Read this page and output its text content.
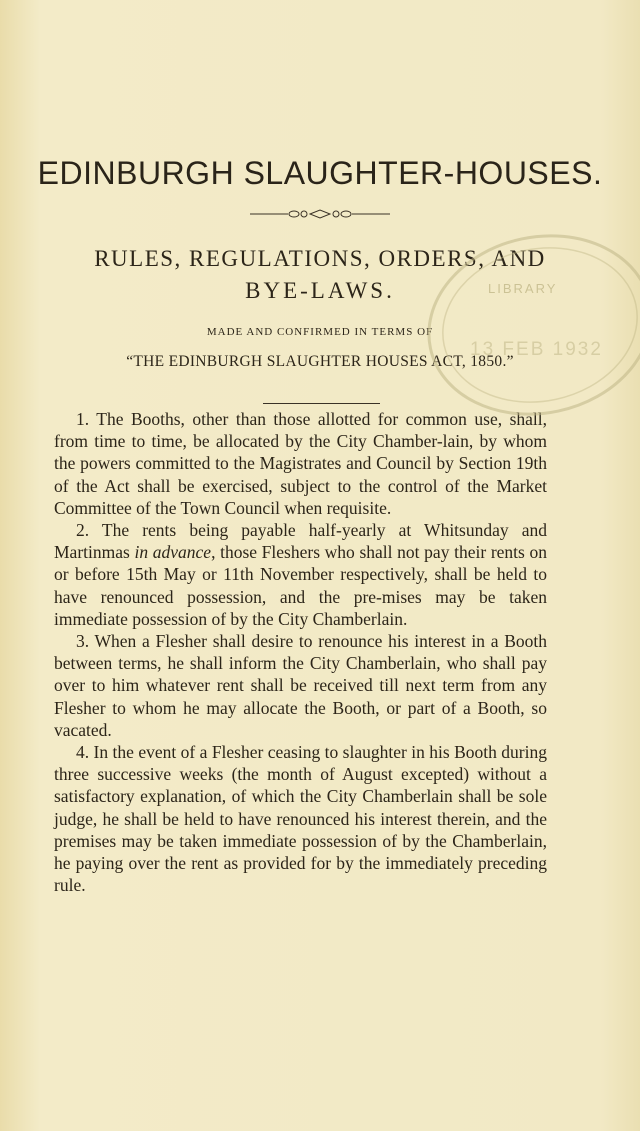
EDINBURGH SLAUGHTER-HOUSES.
RULES, REGULATIONS, ORDERS, AND
BYE-LAWS.
MADE AND CONFIRMED IN TERMS OF
“THE EDINBURGH SLAUGHTER HOUSES ACT, 1850.”

1. The Booths, other than those allotted for common use, shall, from time to time, be allocated by the City Chamber-lain, by whom the powers committed to the Magistrates and Council by Section 19th of the Act shall be exercised, subject to the control of the Market Committee of the Town Council when requisite.

2. The rents being payable half-yearly at Whitsunday and Martinmas in advance, those Fleshers who shall not pay their rents on or before 15th May or 11th November respectively, shall be held to have renounced possession, and the pre-mises may be taken immediate possession of by the City Chamberlain.

3. When a Flesher shall desire to renounce his interest in a Booth between terms, he shall inform the City Chamberlain, who shall pay over to him whatever rent shall be received till next term from any Flesher to whom he may allocate the Booth, or part of a Booth, so vacated.

4. In the event of a Flesher ceasing to slaughter in his Booth during three successive weeks (the month of August excepted) without a satisfactory explanation, of which the City Chamberlain shall be sole judge, he shall be held to have renounced his interest therein, and the premises may be taken immediate possession of by the Chamberlain, he paying over the rent as provided for by the immediately preceding rule.

LIBRARY
13 FEB 1932
